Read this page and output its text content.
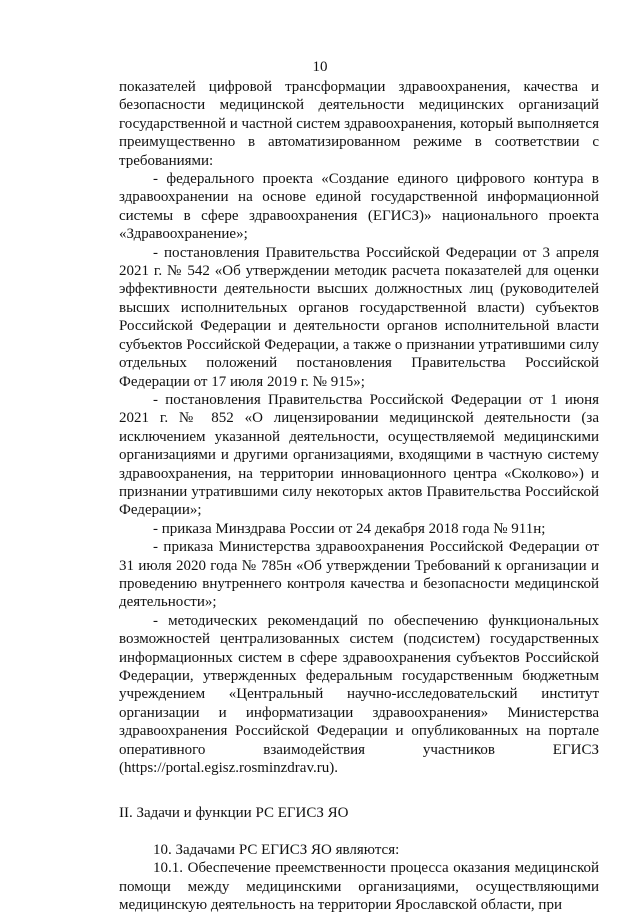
10

показателей цифровой трансформации здравоохранения, качества и безопасности медицинской деятельности медицинских организаций государственной и частной систем здравоохранения, который выполняется преимущественно в автоматизированном режиме в соответствии с требованиями:

- федерального проекта «Создание единого цифрового контура в здравоохранении на основе единой государственной информационной системы в сфере здравоохранения (ЕГИСЗ)» национального проекта «Здравоохранение»;

- постановления Правительства Российской Федерации от 3 апреля 2021 г. № 542 «Об утверждении методик расчета показателей для оценки эффективности деятельности высших должностных лиц (руководителей высших исполнительных органов государственной власти) субъектов Российской Федерации и деятельности органов исполнительной власти субъектов Российской Федерации, а также о признании утратившими силу отдельных положений постановления Правительства Российской Федерации от 17 июля 2019 г. № 915»;

- постановления Правительства Российской Федерации от 1 июня 2021 г. № 852 «О лицензировании медицинской деятельности (за исключением указанной деятельности, осуществляемой медицинскими организациями и другими организациями, входящими в частную систему здравоохранения, на территории инновационного центра «Сколково») и признании утратившими силу некоторых актов Правительства Российской Федерации»;

- приказа Минздрава России от 24 декабря 2018 года № 911н;

- приказа Министерства здравоохранения Российской Федерации от 31 июля 2020 года № 785н «Об утверждении Требований к организации и проведению внутреннего контроля качества и безопасности медицинской деятельности»;

- методических рекомендаций по обеспечению функциональных возможностей централизованных систем (подсистем) государственных информационных систем в сфере здравоохранения субъектов Российской Федерации, утвержденных федеральным государственным бюджетным учреждением «Центральный научно-исследовательский институт организации и информатизации здравоохранения» Министерства здравоохранения Российской Федерации и опубликованных на портале оперативного взаимодействия участников ЕГИСЗ (https://portal.egisz.rosminzdrav.ru).

II. Задачи и функции РС ЕГИСЗ ЯО

10. Задачами РС ЕГИСЗ ЯО являются:

10.1. Обеспечение преемственности процесса оказания медицинской помощи между медицинскими организациями, осуществляющими медицинскую деятельность на территории Ярославской области, при
